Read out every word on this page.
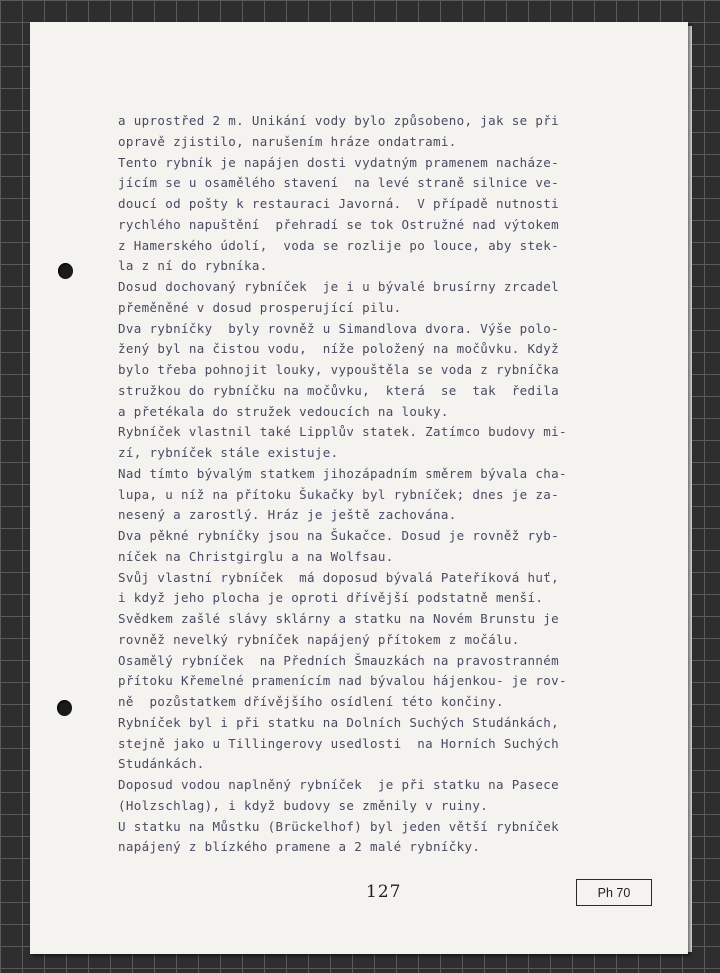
a uprostřed 2 m. Unikání vody bylo způsobeno, jak se při
opravě zjistilo, narušením hráze ondatrami.
Tento rybník je napájen dosti vydatným pramenem nacháze-
jícím se u osamělého stavení  na levé straně silnice ve-
doucí od pošty k restauraci Javorná.  V případě nutnosti
rychlého napuštění  přehradí se tok Ostružné nad výtokem
z Hamerského údolí,  voda se rozlije po louce, aby stek-
la z ní do rybníka.
Dosud dochovaný rybníček  je i u bývalé brusírny zrcadel
přeměněné v dosud prosperující pilu.
Dva rybníčky  byly rovněž u Simandlova dvora. Výše polo-
žený byl na čistou vodu,  níže položený na močůvku. Když
bylo třeba pohnojit louky, vypouštěla se voda z rybníčka
stružkou do rybníčku na močůvku,  která  se  tak  ředila
a přetékala do stružek vedoucích na louky.
Rybníček vlastnil také Lipplův statek. Zatímco budovy mi-
zí, rybníček stále existuje.
Nad tímto bývalým statkem jihozápadním směrem bývala cha-
lupa, u níž na přítoku Šukačky byl rybníček; dnes je za-
nesený a zarostlý. Hráz je ještě zachována.
Dva pěkné rybníčky jsou na Šukačce. Dosud je rovněž ryb-
níček na Christgirglu a na Wolfsau.
Svůj vlastní rybníček  má doposud bývalá Pateříková huť,
i když jeho plocha je oproti dřívější podstatně menší.
Svědkem zašlé slávy sklárny a statku na Novém Brunstu je
rovněž nevelký rybníček napájený přítokem z močálu.
Osamělý rybníček  na Předních Šmauzkách na pravostranném
přítoku Křemelné pramenícím nad bývalou hájenkou- je rov-
ně  pozůstatkem dřívějšího osídlení této končiny.
Rybníček byl i při statku na Dolních Suchých Studánkách,
stejně jako u Tillingerovy usedlosti  na Horních Suchých
Studánkách.
Doposud vodou naplněný rybníček  je při statku na Pasece
(Holzschlag), i když budovy se změnily v ruiny.
U statku na Můstku (Brückelhof) byl jeden větší rybníček
napájený z blízkého pramene a 2 malé rybníčky.
127	Ph 70
